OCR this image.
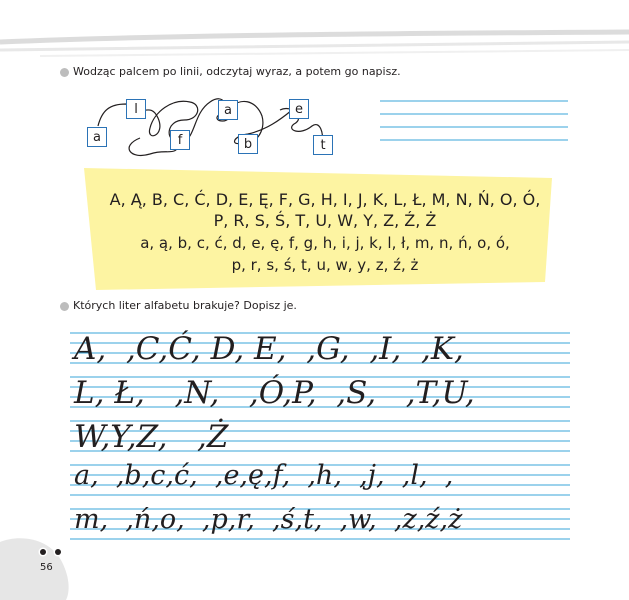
Wodząc palcem po linii, odczytaj wyraz, a potem go napisz.
a
l
f
a
b
e
t
A, Ą, B, C, Ć, D, E, Ę, F, G, H, I, J, K, L, Ł, M, N, Ń, O, Ó,
P, R, S, Ś, T, U, W, Y, Z, Ź, Ż
a, ą, b, c, ć, d, e, ę, f, g, h, i, j, k, l, ł, m, n, ń, o, ó,
p, r, s, ś, t, u, w, y, z, ź, ż
Których liter alfabetu brakuje? Dopisz je.
A,  ,C,Ć, D, E,  ,G,  ,I,  ,K,
L, Ł,   ,N,   ,Ó,P,  ,S,   ,T,U,
W,Y,Z,   ,Ż
a,  ,b,c,ć,  ,e,ę,f,  ,h,  ,j,  ,l,  ,
m,  ,ń,o,  ,p,r,  ,ś,t,  ,w,  ,z,ź,ż
56
